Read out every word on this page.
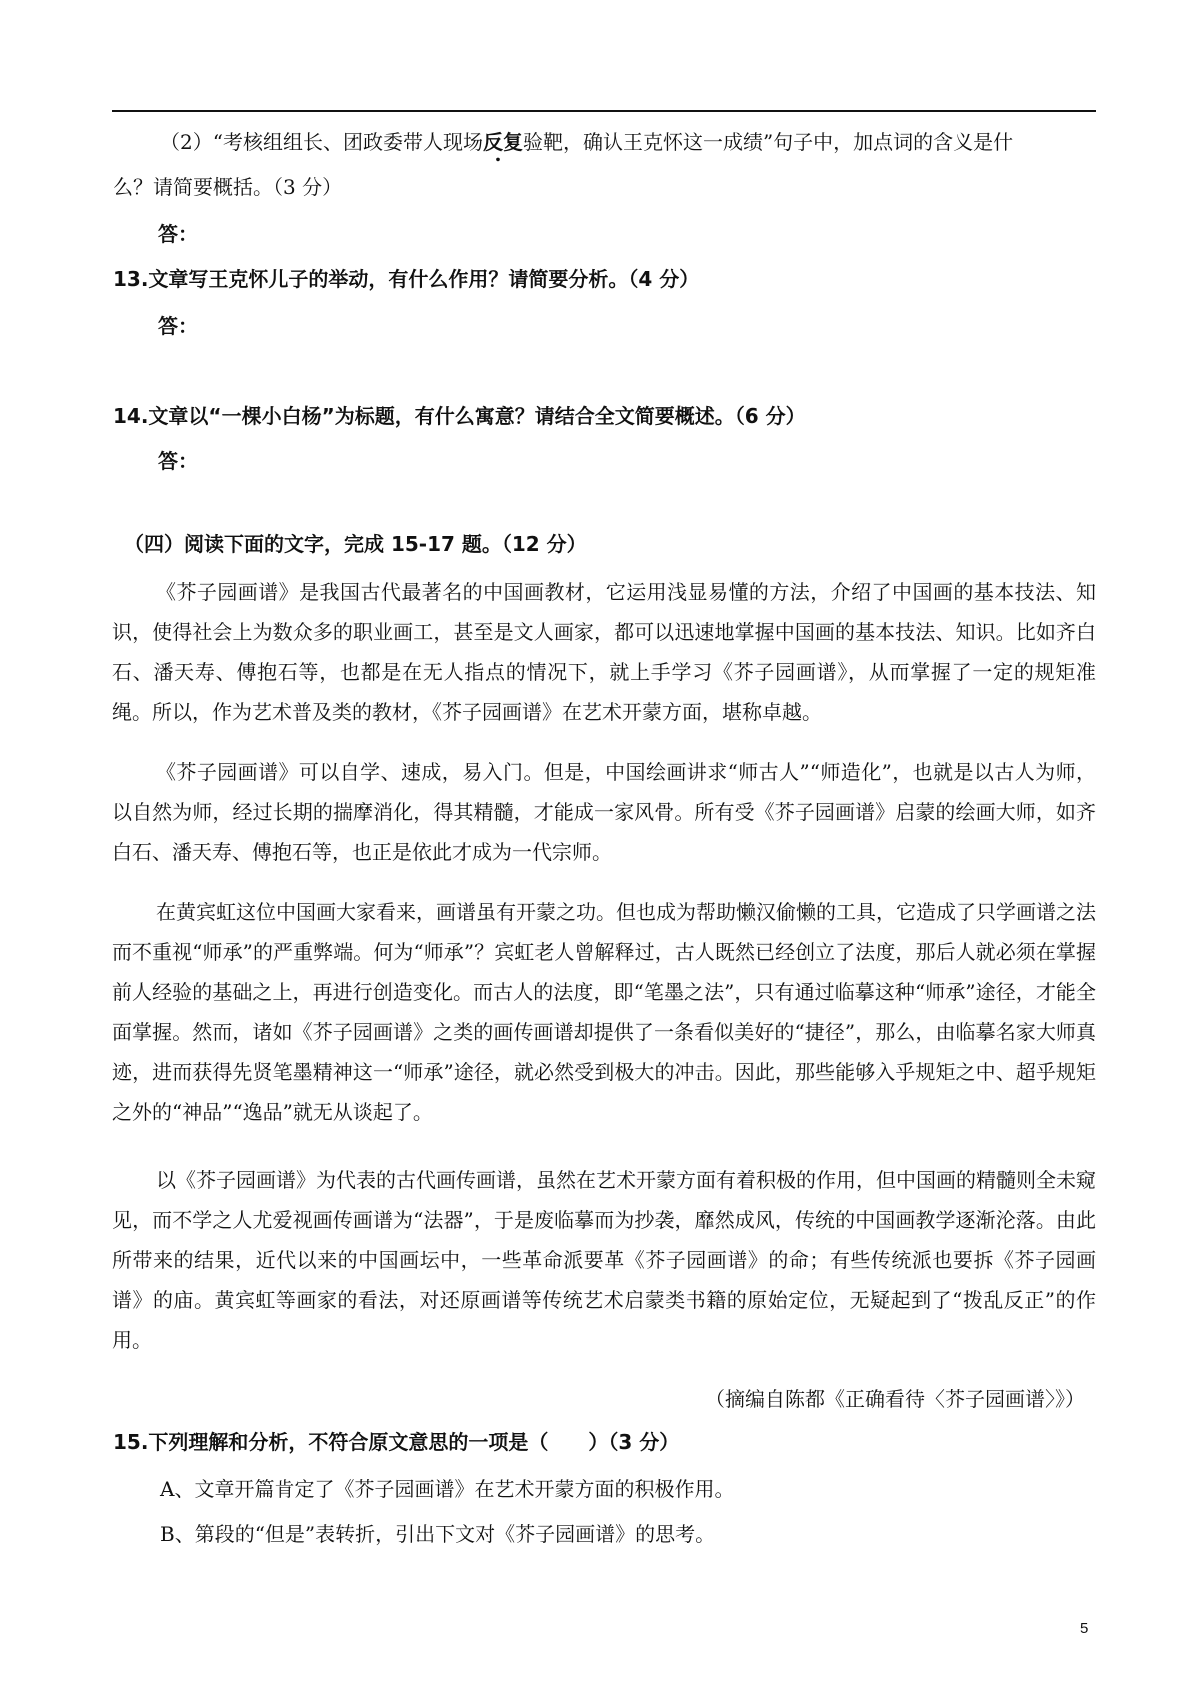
（2）“考核组组长、团政委带人现场反复验靶，确认王克怀这一成绩”句子中，加点词的含义是什
么？请简要概括。（3 分）
答：
13.文章写王克怀儿子的举动，有什么作用？请简要分析。（4 分）
答：
14.文章以“一棵小白杨”为标题，有什么寓意？请结合全文简要概述。（6 分）
答：
（四）阅读下面的文字，完成 15-17 题。（12 分）

《芥子园画谱》是我国古代最著名的中国画教材，它运用浅显易懂的方法，介绍了中国画的基本技法、知识，使得社会上为数众多的职业画工，甚至是文人画家，都可以迅速地掌握中国画的基本技法、知识。比如齐白石、潘天寿、傅抱石等，也都是在无人指点的情况下，就上手学习《芥子园画谱》，从而掌握了一定的规矩准绳。所以，作为艺术普及类的教材，《芥子园画谱》在艺术开蒙方面，堪称卓越。

《芥子园画谱》可以自学、速成，易入门。但是，中国绘画讲求“师古人”“师造化”，也就是以古人为师，以自然为师，经过长期的揣摩消化，得其精髓，才能成一家风骨。所有受《芥子园画谱》启蒙的绘画大师，如齐白石、潘天寿、傅抱石等，也正是依此才成为一代宗师。

在黄宾虹这位中国画大家看来，画谱虽有开蒙之功。但也成为帮助懒汉偷懒的工具，它造成了只学画谱之法而不重视“师承”的严重弊端。何为“师承”？宾虹老人曾解释过，古人既然已经创立了法度，那后人就必须在掌握前人经验的基础之上，再进行创造变化。而古人的法度，即“笔墨之法”，只有通过临摹这种“师承”途径，才能全面掌握。然而，诸如《芥子园画谱》之类的画传画谱却提供了一条看似美好的“捷径”，那么，由临摹名家大师真迹，进而获得先贤笔墨精神这一“师承”途径，就必然受到极大的冲击。因此，那些能够入乎规矩之中、超乎规矩之外的“神品”“逸品”就无从谈起了。

以《芥子园画谱》为代表的古代画传画谱，虽然在艺术开蒙方面有着积极的作用，但中国画的精髓则全未窥见，而不学之人尤爱视画传画谱为“法器”，于是废临摹而为抄袭，靡然成风，传统的中国画教学逐渐沦落。由此所带来的结果，近代以来的中国画坛中，一些革命派要革《芥子园画谱》的命；有些传统派也要拆《芥子园画谱》的庙。黄宾虹等画家的看法，对还原画谱等传统艺术启蒙类书籍的原始定位，无疑起到了“拨乱反正”的作用。

（摘编自陈都《正确看待〈芥子园画谱〉》）
15.下列理解和分析，不符合原文意思的一项是（　　）（3 分）
A、文章开篇肯定了《芥子园画谱》在艺术开蒙方面的积极作用。
B、第段的“但是”表转折，引出下文对《芥子园画谱》的思考。
5
